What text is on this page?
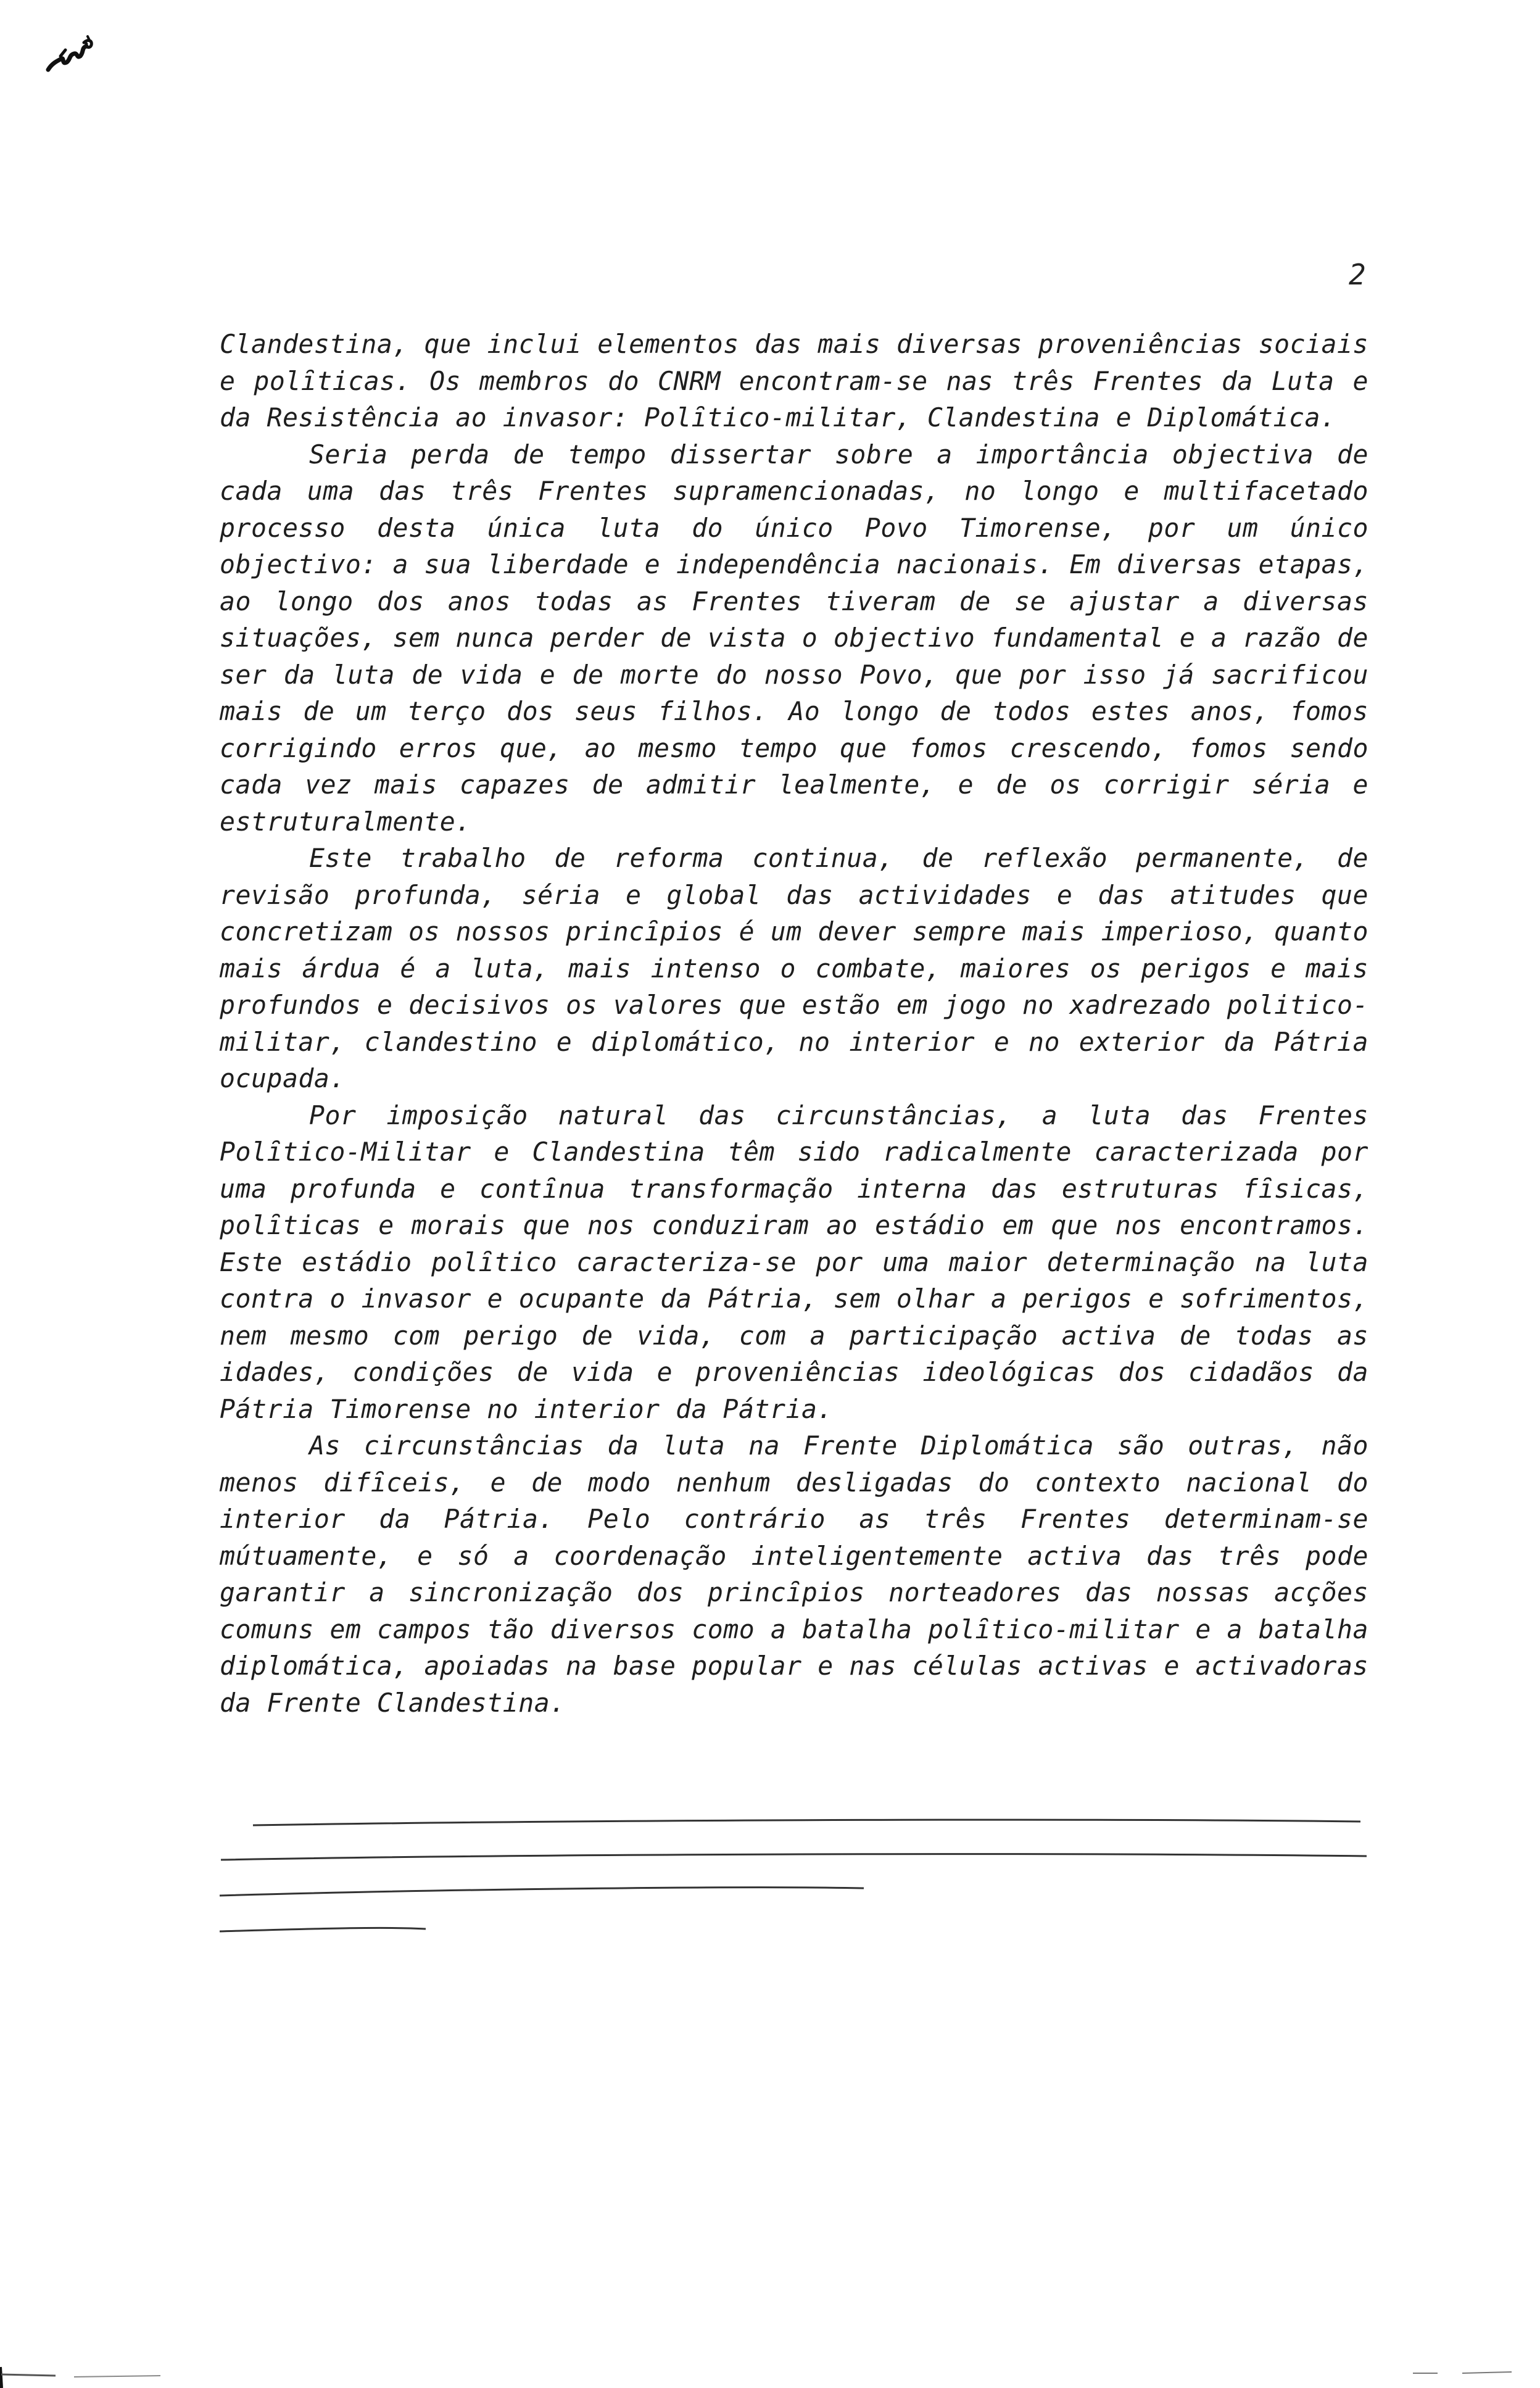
2

Clandestina, que inclui elementos das mais diversas proveniências sociais e polȋticas. Os membros do CNRM encontram-se nas três Frentes da Luta e da Resistência ao invasor: Polȋtico-militar, Clandestina e Diplomática.

Seria perda de tempo dissertar sobre a importância objectiva de cada uma das três Frentes supramencionadas, no longo e multifacetado processo desta única luta do único Povo Timorense, por um único objectivo: a sua liberdade e independência nacionais. Em diversas etapas, ao longo dos anos todas as Frentes tiveram de se ajustar a diversas situações, sem nunca perder de vista o objectivo fundamental e a razão de ser da luta de vida e de morte do nosso Povo, que por isso já sacrificou mais de um terço dos seus filhos. Ao longo de todos estes anos, fomos corrigindo erros que, ao mesmo tempo que fomos crescendo, fomos sendo cada vez mais capazes de admitir lealmente, e de os corrigir séria e estruturalmente.

Este trabalho de reforma continua, de reflexão permanente, de revisão profunda, séria e global das actividades e das atitudes que concretizam os nossos princȋpios é um dever sempre mais imperioso, quanto mais árdua é a luta, mais intenso o combate, maiores os perigos e mais profundos e decisivos os valores que estão em jogo no xadrezado politico-militar, clandestino e diplomático, no interior e no exterior da Pátria ocupada.

Por imposição natural das circunstâncias, a luta das Frentes Polȋtico-Militar e Clandestina têm sido radicalmente caracterizada por uma profunda e contȋnua transformação interna das estruturas fȋsicas, polȋticas e morais que nos conduziram ao estádio em que nos encontramos. Este estádio polȋtico caracteriza-se por uma maior determinação na luta contra o invasor e ocupante da Pátria, sem olhar a perigos e sofrimentos, nem mesmo com perigo de vida, com a participação activa de todas as idades, condições de vida e proveniências ideológicas dos cidadãos da Pátria Timorense no interior da Pátria.

As circunstâncias da luta na Frente Diplomática são outras, não menos difȋceis, e de modo nenhum desligadas do contexto nacional do interior da Pátria. Pelo contrário as três Frentes determinam-se mútuamente, e só a coordenação inteligentemente activa das três pode garantir a sincronização dos princȋpios norteadores das nossas acções comuns em campos tão diversos como a batalha polȋtico-militar e a batalha diplomática, apoiadas na base popular e nas células activas e activadoras da Frente Clandestina.
